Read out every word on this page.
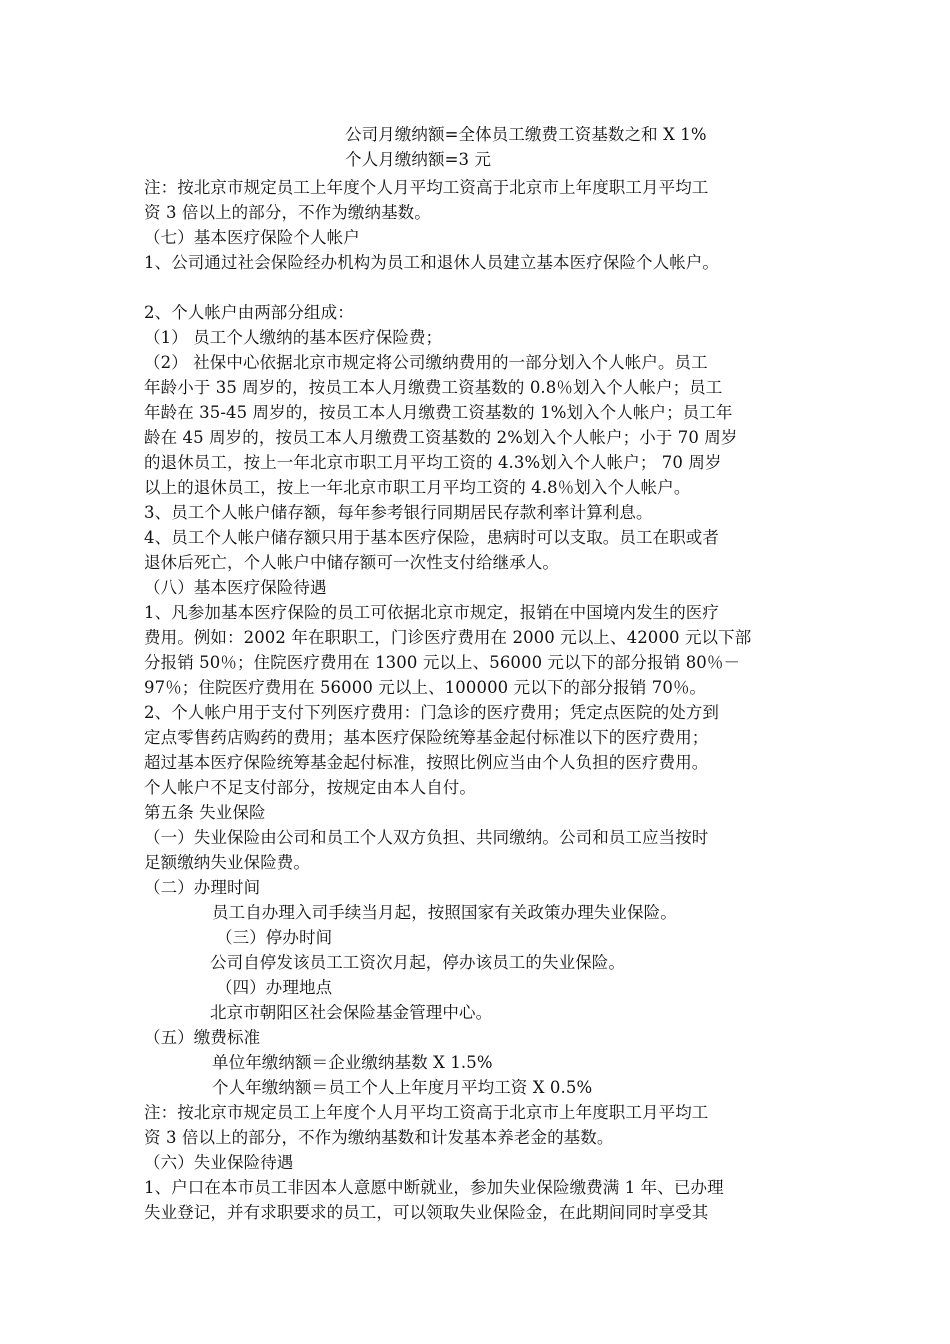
公司月缴纳额=全体员工缴费工资基数之和 X 1%
个人月缴纳额=3 元
注：按北京市规定员工上年度个人月平均工资高于北京市上年度职工月平均工
资 3 倍以上的部分，不作为缴纳基数。
（七）基本医疗保险个人帐户
1、公司通过社会保险经办机构为员工和退休人员建立基本医疗保险个人帐户。
2、个人帐户由两部分组成：
（1） 员工个人缴纳的基本医疗保险费；
（2） 社保中心依据北京市规定将公司缴纳费用的一部分划入个人帐户。员工
年龄小于 35 周岁的，按员工本人月缴费工资基数的 0.8％划入个人帐户；员工
年龄在 35-45 周岁的，按员工本人月缴费工资基数的 1%划入个人帐户；员工年
龄在 45 周岁的，按员工本人月缴费工资基数的 2%划入个人帐户；小于 70 周岁
的退休员工，按上一年北京市职工月平均工资的 4.3%划入个人帐户； 70 周岁
以上的退休员工，按上一年北京市职工月平均工资的 4.8％划入个人帐户。
3、员工个人帐户储存额，每年参考银行同期居民存款利率计算利息。
4、员工个人帐户储存额只用于基本医疗保险，患病时可以支取。员工在职或者
退休后死亡，个人帐户中储存额可一次性支付给继承人。
（八）基本医疗保险待遇
1、凡参加基本医疗保险的员工可依据北京市规定，报销在中国境内发生的医疗
费用。例如：2002 年在职职工，门诊医疗费用在 2000 元以上、42000 元以下部
分报销 50％；住院医疗费用在 1300 元以上、56000 元以下的部分报销 80％－
97％；住院医疗费用在 56000 元以上、100000 元以下的部分报销 70％。
2、个人帐户用于支付下列医疗费用：门急诊的医疗费用；凭定点医院的处方到
定点零售药店购药的费用；基本医疗保险统筹基金起付标准以下的医疗费用；
超过基本医疗保险统筹基金起付标准，按照比例应当由个人负担的医疗费用。
个人帐户不足支付部分，按规定由本人自付。
第五条 失业保险
（一）失业保险由公司和员工个人双方负担、共同缴纳。公司和员工应当按时
足额缴纳失业保险费。
（二）办理时间
员工自办理入司手续当月起，按照国家有关政策办理失业保险。
（三）停办时间
公司自停发该员工工资次月起，停办该员工的失业保险。
（四）办理地点
北京市朝阳区社会保险基金管理中心。
（五）缴费标准
单位年缴纳额＝企业缴纳基数 X 1.5%
个人年缴纳额＝员工个人上年度月平均工资 X 0.5%
注：按北京市规定员工上年度个人月平均工资高于北京市上年度职工月平均工
资 3 倍以上的部分，不作为缴纳基数和计发基本养老金的基数。
（六）失业保险待遇
1、户口在本市员工非因本人意愿中断就业，参加失业保险缴费满 1 年、已办理
失业登记，并有求职要求的员工，可以领取失业保险金，在此期间同时享受其
